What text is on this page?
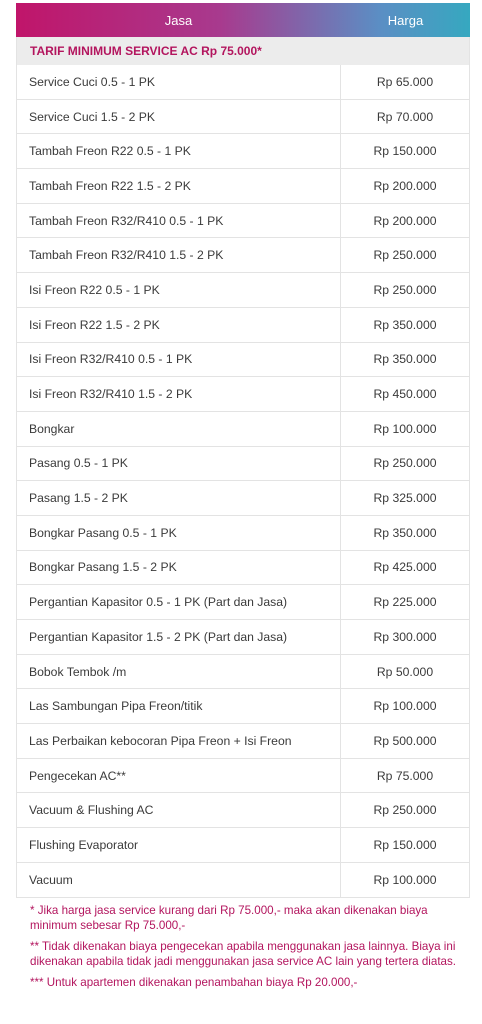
Jasa	Harga
TARIF MINIMUM SERVICE AC Rp 75.000*
Service Cuci 0.5 - 1 PK	Rp 65.000
Service Cuci 1.5 - 2 PK	Rp 70.000
Tambah Freon R22 0.5 - 1 PK	Rp 150.000
Tambah Freon R22 1.5 - 2 PK	Rp 200.000
Tambah Freon R32/R410 0.5 - 1 PK	Rp 200.000
Tambah Freon R32/R410 1.5 - 2 PK	Rp 250.000
Isi Freon R22 0.5 - 1 PK	Rp 250.000
Isi Freon R22 1.5 - 2 PK	Rp 350.000
Isi Freon R32/R410 0.5 - 1 PK	Rp 350.000
Isi Freon R32/R410 1.5 - 2 PK	Rp 450.000
Bongkar	Rp 100.000
Pasang 0.5 - 1 PK	Rp 250.000
Pasang 1.5 - 2 PK	Rp 325.000
Bongkar Pasang 0.5 - 1 PK	Rp 350.000
Bongkar Pasang 1.5 - 2 PK	Rp 425.000
Pergantian Kapasitor 0.5 - 1 PK (Part dan Jasa)	Rp 225.000
Pergantian Kapasitor 1.5 - 2 PK (Part dan Jasa)	Rp 300.000
Bobok Tembok /m	Rp 50.000
Las Sambungan Pipa Freon/titik	Rp 100.000
Las Perbaikan kebocoran Pipa Freon + Isi Freon	Rp 500.000
Pengecekan AC**	Rp 75.000
Vacuum & Flushing AC	Rp 250.000
Flushing Evaporator	Rp 150.000
Vacuum	Rp 100.000

* Jika harga jasa service kurang dari Rp 75.000,- maka akan dikenakan biaya minimum sebesar Rp 75.000,-

** Tidak dikenakan biaya pengecekan apabila menggunakan jasa lainnya. Biaya ini dikenakan apabila tidak jadi menggunakan jasa service AC lain yang tertera diatas.

*** Untuk apartemen dikenakan penambahan biaya Rp 20.000,-
